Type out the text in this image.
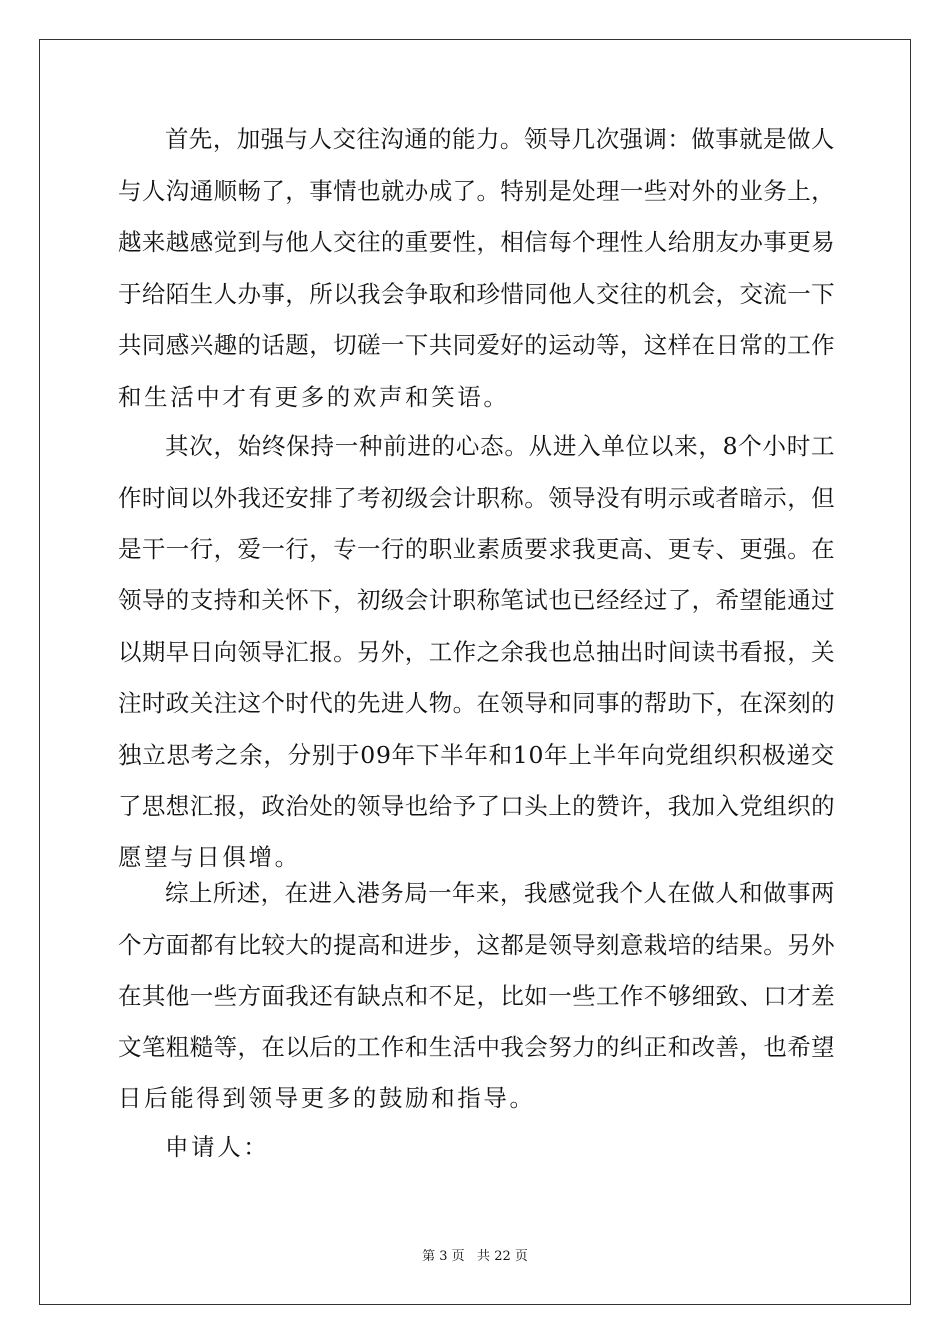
首先，加强与人交往沟通的能力。领导几次强调：做事就是做人

与人沟通顺畅了，事情也就办成了。特别是处理一些对外的业务上，

越来越感觉到与他人交往的重要性，相信每个理性人给朋友办事更易

于给陌生人办事，所以我会争取和珍惜同他人交往的机会，交流一下

共同感兴趣的话题，切磋一下共同爱好的运动等，这样在日常的工作

和生活中才有更多的欢声和笑语。

其次，始终保持一种前进的心态。从进入单位以来，8个小时工

作时间以外我还安排了考初级会计职称。领导没有明示或者暗示，但

是干一行，爱一行，专一行的职业素质要求我更高、更专、更强。在

领导的支持和关怀下，初级会计职称笔试也已经经过了，希望能通过

以期早日向领导汇报。另外，工作之余我也总抽出时间读书看报，关

注时政关注这个时代的先进人物。在领导和同事的帮助下，在深刻的

独立思考之余，分别于09年下半年和10年上半年向党组织积极递交

了思想汇报，政治处的领导也给予了口头上的赞许，我加入党组织的

愿望与日俱增。

综上所述，在进入港务局一年来，我感觉我个人在做人和做事两

个方面都有比较大的提高和进步，这都是领导刻意栽培的结果。另外

在其他一些方面我还有缺点和不足，比如一些工作不够细致、口才差

文笔粗糙等，在以后的工作和生活中我会努力的纠正和改善，也希望

日后能得到领导更多的鼓励和指导。

申请人：

第 3 页   共 22 页
